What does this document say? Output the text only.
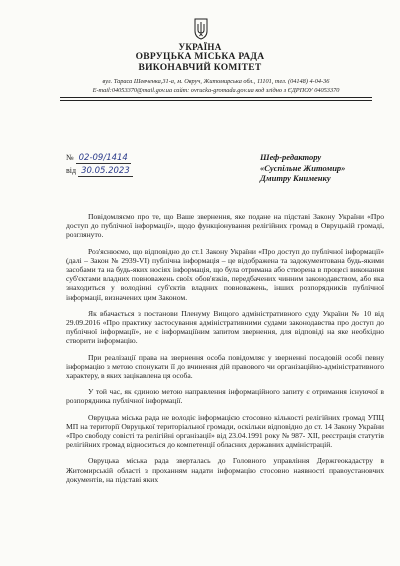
УКРАЇНА
ОВРУЦЬКА МІСЬКА РАДА
ВИКОНАВЧИЙ КОМІТЕТ
вул. Тараса Шевченка,31-а, м. Овруч, Житомирська обл., 11101, тел. (04148) 4-04-36
E-mail:04053370@mail.gov.ua сайт: ovrucka-gromada.gov.ua код згідно з ЄДРПОУ 04053370
№ 02-09/1414
від 30.05.2023
Шеф-редактору
«Суспільне Житомир»
Дмитру Книменку

Повідомляємо про те, що Ваше звернення, яке подане на підставі Закону України «Про доступ до публічної інформації», щодо функціонування релігійних громад в Овруцькій громаді, розглянуто.

Роз'яснюємо, що відповідно до ст.1 Закону України «Про доступ до публічної інформації» (далі – Закон № 2939-VI) публічна інформація – це відображена та задокументована будь-якими засобами та на будь-яких носіях інформація, що була отримана або створена в процесі виконання суб'єктами владних повноважень своїх обов'язків, передбачених чинним законодавством, або яка знаходиться у володінні суб'єктів владних повноважень, інших розпорядників публічної інформації, визначених цим Законом.

Як вбачається з постанови Пленуму Вищого адміністративного суду України № 10 від 29.09.2016 «Про практику застосування адміністративними судами законодавства про доступ до публічної інформації», не є інформаціїним запитом звернення, для відповіді на яке необхідно створити інформацію.

При реалізації права на звернення особа повідомляє у зверненні посадовій особі певну інформацію з метою спонукати її до вчинення дій правового чи організаційно-адміністративного характеру, в яких зацікавлена ця особа.

У той час, як єдиною метою направлення інформаційного запиту є отримання існуючої в розпорядника публічної інформації.

Овруцька міська рада не володіє інформацією стосовно кількості релігійних громад УПЦ МП на території Овруцької територіальної громади, оскільки відповідно до ст. 14 Закону України «Про свободу совісті та релігійні організації» від 23.04.1991 року № 987- XII, реєстрація статутів релігійних громад відноситься до компетенції обласних державних адміністрацій.

Овруцька міська рада зверталась до Головного управління Держгеокадастру в Житомирській області з проханням надати інформацію стосовно наявності правоустановчих документів, на підставі яких
